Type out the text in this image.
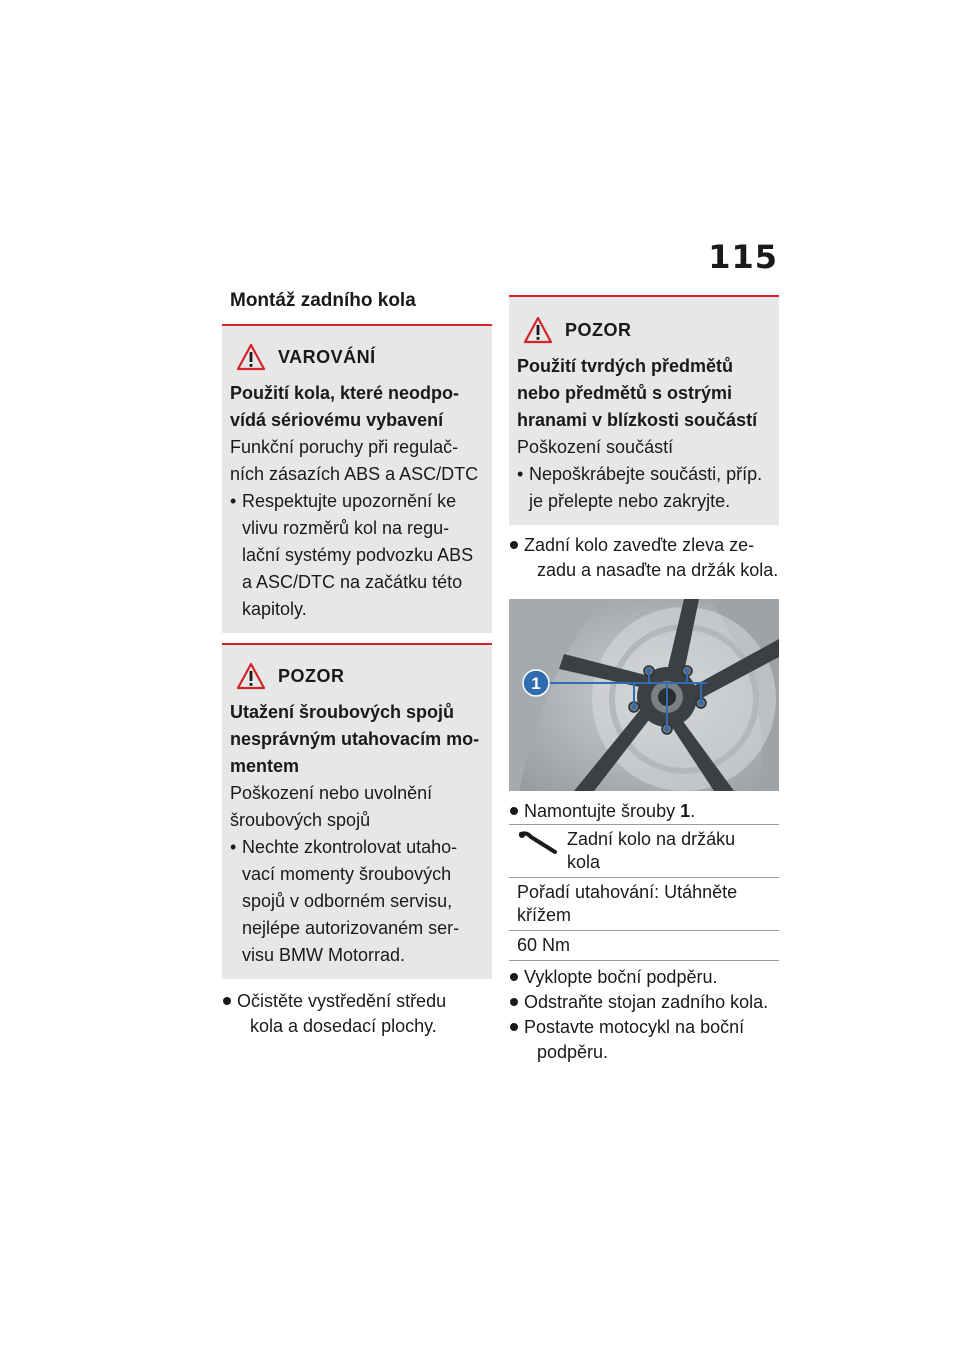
115
Montáž zadního kola
VAROVÁNÍ
Použití kola, které neodpo-
vídá sériovému vybavení
Funkční poruchy při regulač-
ních zásazích ABS a ASC/DTC
• Respektujte upozornění ke
vlivu rozměrů kol na regu-
lační systémy podvozku ABS
a ASC/DTC na začátku této
kapitoly.
POZOR
Utažení šroubových spojů
nesprávným utahovacím mo-
mentem
Poškození nebo uvolnění
šroubových spojů
• Nechte zkontrolovat utaho-
vací momenty šroubových
spojů v odborném servisu,
nejlépe autorizovaném ser-
visu BMW Motorrad.
Očistěte vystředění středu
kola a dosedací plochy.
POZOR
Použití tvrdých předmětů
nebo předmětů s ostrými
hranami v blízkosti součástí
Poškození součástí
• Nepoškrábejte součásti, příp.
je přelepte nebo zakryjte.
Zadní kolo zaveďte zleva ze-
zadu a nasaďte na držák kola.
1
Namontujte šrouby 1.
Zadní kolo na držáku
kola

Pořadí utahování: Utáhněte
křížem

60 Nm
Vyklopte boční podpěru.
Odstraňte stojan zadního kola.
Postavte motocykl na boční
podpěru.
